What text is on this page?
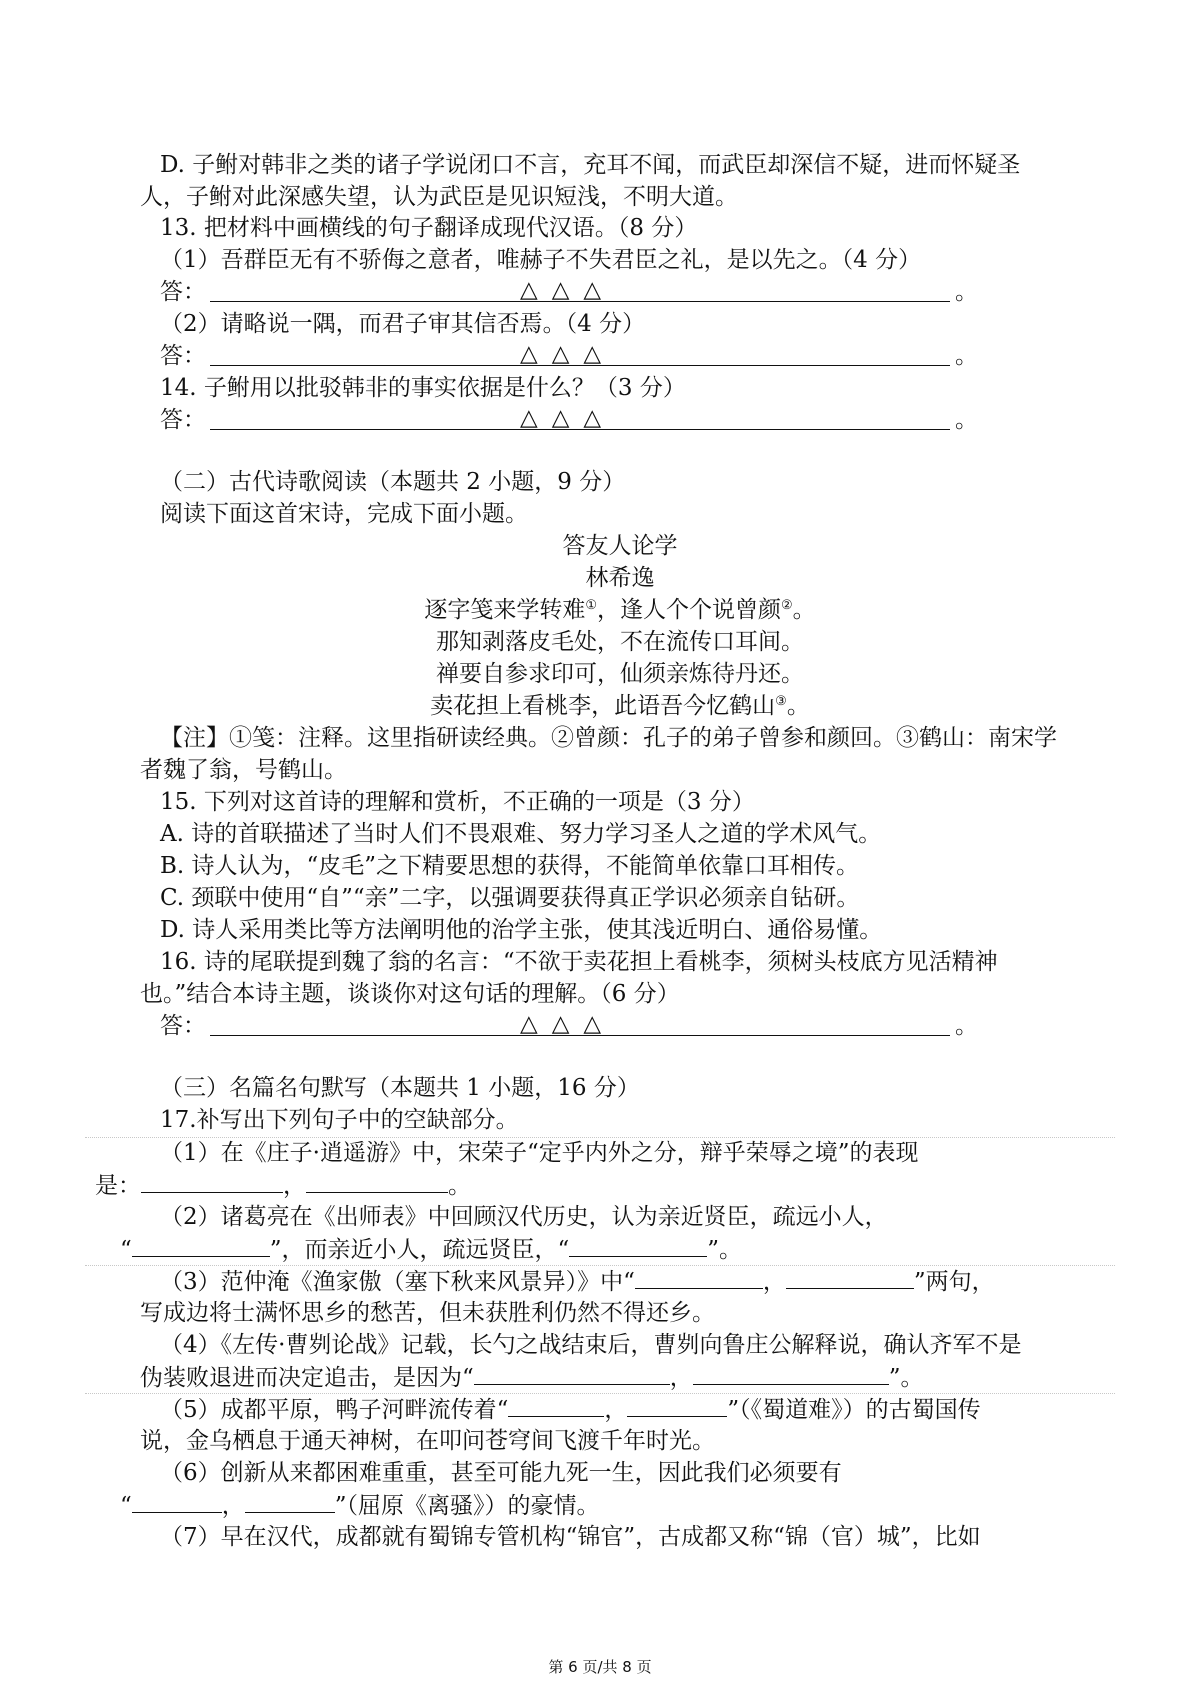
D. 子鲋对韩非之类的诸子学说闭口不言，充耳不闻，而武臣却深信不疑，进而怀疑圣
人，子鲋对此深感失望，认为武臣是见识短浅，不明大道。
13. 把材料中画横线的句子翻译成现代汉语。（8 分）
（1）吾群臣无有不骄侮之意者，唯赫子不失君臣之礼，是以先之。（4 分）
答：	△△△	。
（2）请略说一隅，而君子审其信否焉。（4 分）
答：	△△△	。
14. 子鲋用以批驳韩非的事实依据是什么？（3 分）
答：	△△△	。
（二）古代诗歌阅读（本题共 2 小题，9 分）
阅读下面这首宋诗，完成下面小题。
答友人论学
林希逸
逐字笺来学转难①，逢人个个说曾颜②。
那知剥落皮毛处，不在流传口耳间。
禅要自参求印可，仙须亲炼待丹还。
卖花担上看桃李，此语吾今忆鹤山③。
【注】①笺：注释。这里指研读经典。②曾颜：孔子的弟子曾参和颜回。③鹤山：南宋学
者魏了翁，号鹤山。
15. 下列对这首诗的理解和赏析，不正确的一项是（3 分）
A. 诗的首联描述了当时人们不畏艰难、努力学习圣人之道的学术风气。
B. 诗人认为，“皮毛”之下精要思想的获得，不能简单依靠口耳相传。
C. 颈联中使用“自”“亲”二字，以强调要获得真正学识必须亲自钻研。
D. 诗人采用类比等方法阐明他的治学主张，使其浅近明白、通俗易懂。
16. 诗的尾联提到魏了翁的名言：“不欲于卖花担上看桃李，须树头枝底方见活精神
也。”结合本诗主题，谈谈你对这句话的理解。（6 分）
答：	△△△	。
（三）名篇名句默写（本题共 1 小题，16 分）
17.补写出下列句子中的空缺部分。
（1）在《庄子·逍遥游》中，宋荣子“定乎内外之分，辩乎荣辱之境”的表现
是：	，	。
（2）诸葛亮在《出师表》中回顾汉代历史，认为亲近贤臣，疏远小人，
“	”，而亲近小人，疏远贤臣，“	”。
（3）范仲淹《渔家傲（塞下秋来风景异）》中“	，	”两句，
写成边将士满怀思乡的愁苦，但未获胜利仍然不得还乡。
（4）《左传·曹刿论战》记载，长勺之战结束后，曹刿向鲁庄公解释说，确认齐军不是
伪装败退进而决定追击，是因为“	，	”。
（5）成都平原，鸭子河畔流传着“	，	”（《蜀道难》）的古蜀国传
说，金乌栖息于通天神树，在叩问苍穹间飞渡千年时光。
（6）创新从来都困难重重，甚至可能九死一生，因此我们必须要有
“	，	”（屈原《离骚》）的豪情。
（7）早在汉代，成都就有蜀锦专管机构“锦官”，古成都又称“锦（官）城”，比如
第 6 页/共 8 页
